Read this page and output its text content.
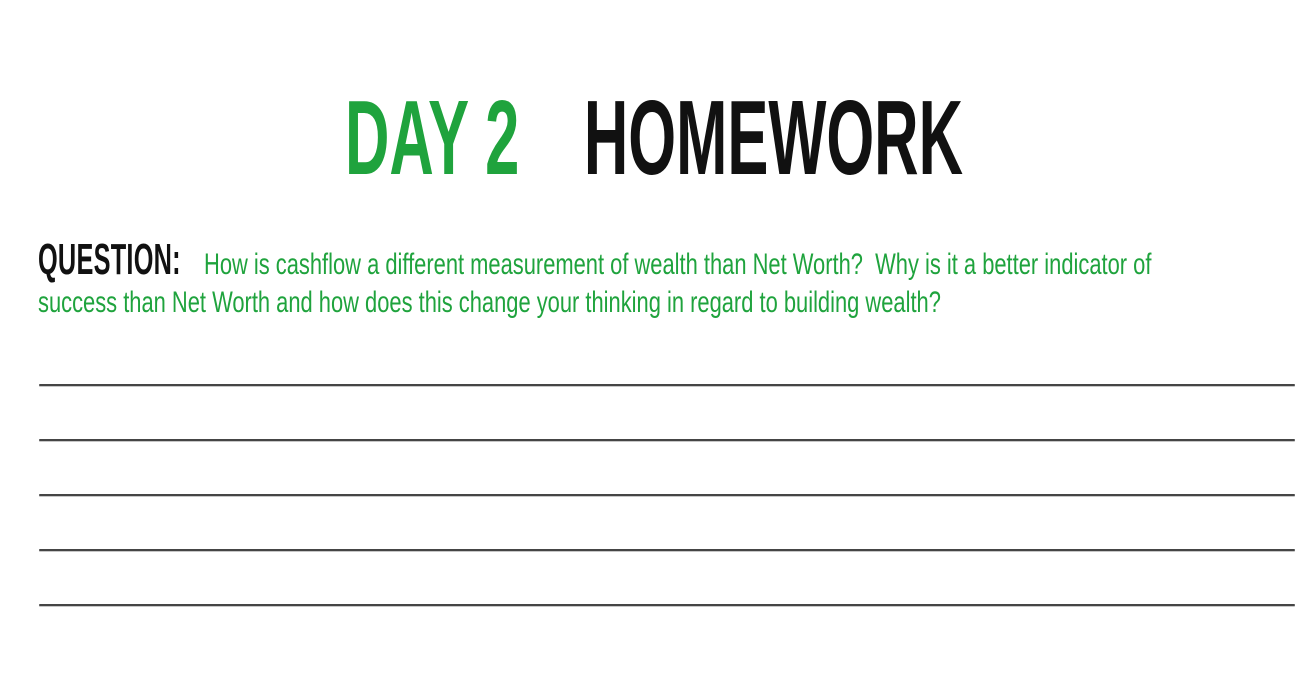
DAY 2 HOMEWORK
QUESTION: How is cashflow a different measurement of wealth than Net Worth?  Why is it a better indicator of
success than Net Worth and how does this change your thinking in regard to building wealth?
